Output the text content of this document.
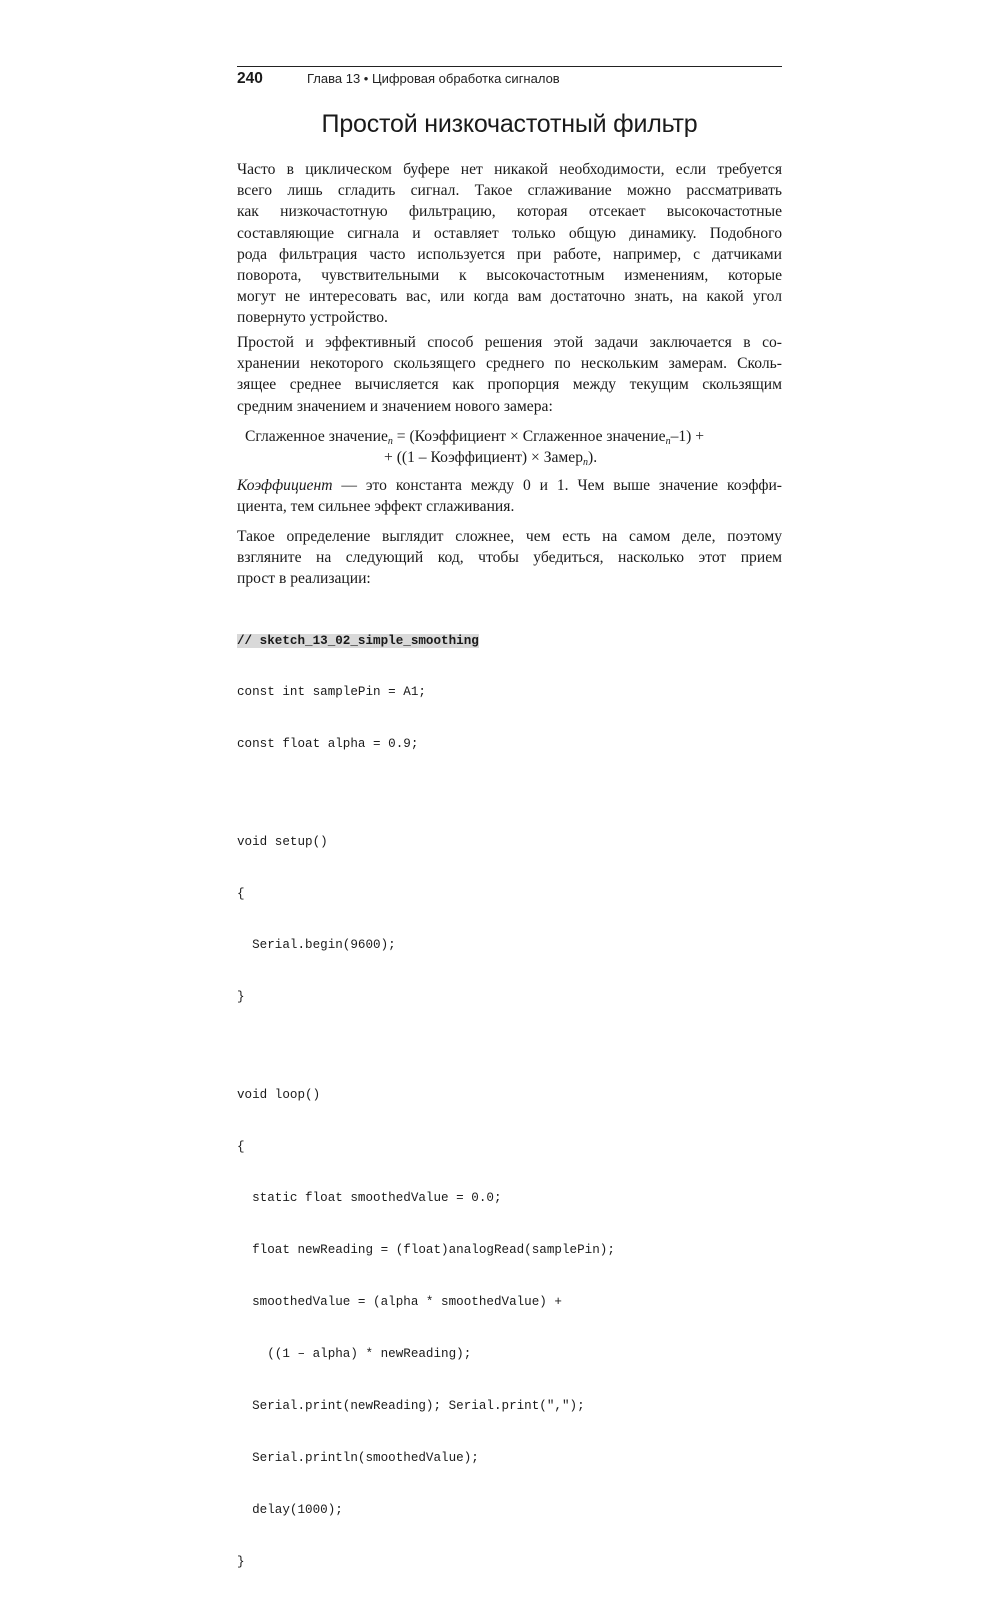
240	Глава 13 • Цифровая обработка сигналов
Простой низкочастотный фильтр

Часто в циклическом буфере нет никакой необходимости, если требуется
всего лишь сгладить сигнал. Такое сглаживание можно рассматривать
как низкочастотную фильтрацию, которая отсекает высокочастотные
составляющие сигнала и оставляет только общую динамику. Подобного
рода фильтрация часто используется при работе, например, с датчиками
поворота, чувствительными к высокочастотным изменениям, которые
могут не интересовать вас, или когда вам достаточно знать, на какой угол
повернуто устройство.

Простой и эффективный способ решения этой задачи заключается в со-
хранении некоторого скользящего среднего по нескольким замерам. Сколь-
зящее среднее вычисляется как пропорция между текущим скользящим
средним значением и значением нового замера:

Сглаженное значение$_n$ = (Коэффициент × Сглаженное значение$_n$–1) +
+ ((1 – Коэффициент) × Замер$_n$).

Коэффициент — это константа между 0 и 1. Чем выше значение коэффи-
циента, тем сильнее эффект сглаживания.

Такое определение выглядит сложнее, чем есть на самом деле, поэтому
взгляните на следующий код, чтобы убедиться, насколько этот прием
прост в реализации:

// sketch_13_02_simple_smoothing

const int samplePin = A1;

const float alpha = 0.9;

void setup()

{

Serial.begin(9600);

}

void loop()

{

static float smoothedValue = 0.0;

float newReading = (float)analogRead(samplePin);

smoothedValue = (alpha * smoothedValue) +

((1 – alpha) * newReading);

Serial.print(newReading); Serial.print(",");

Serial.println(smoothedValue);

delay(1000);

}
